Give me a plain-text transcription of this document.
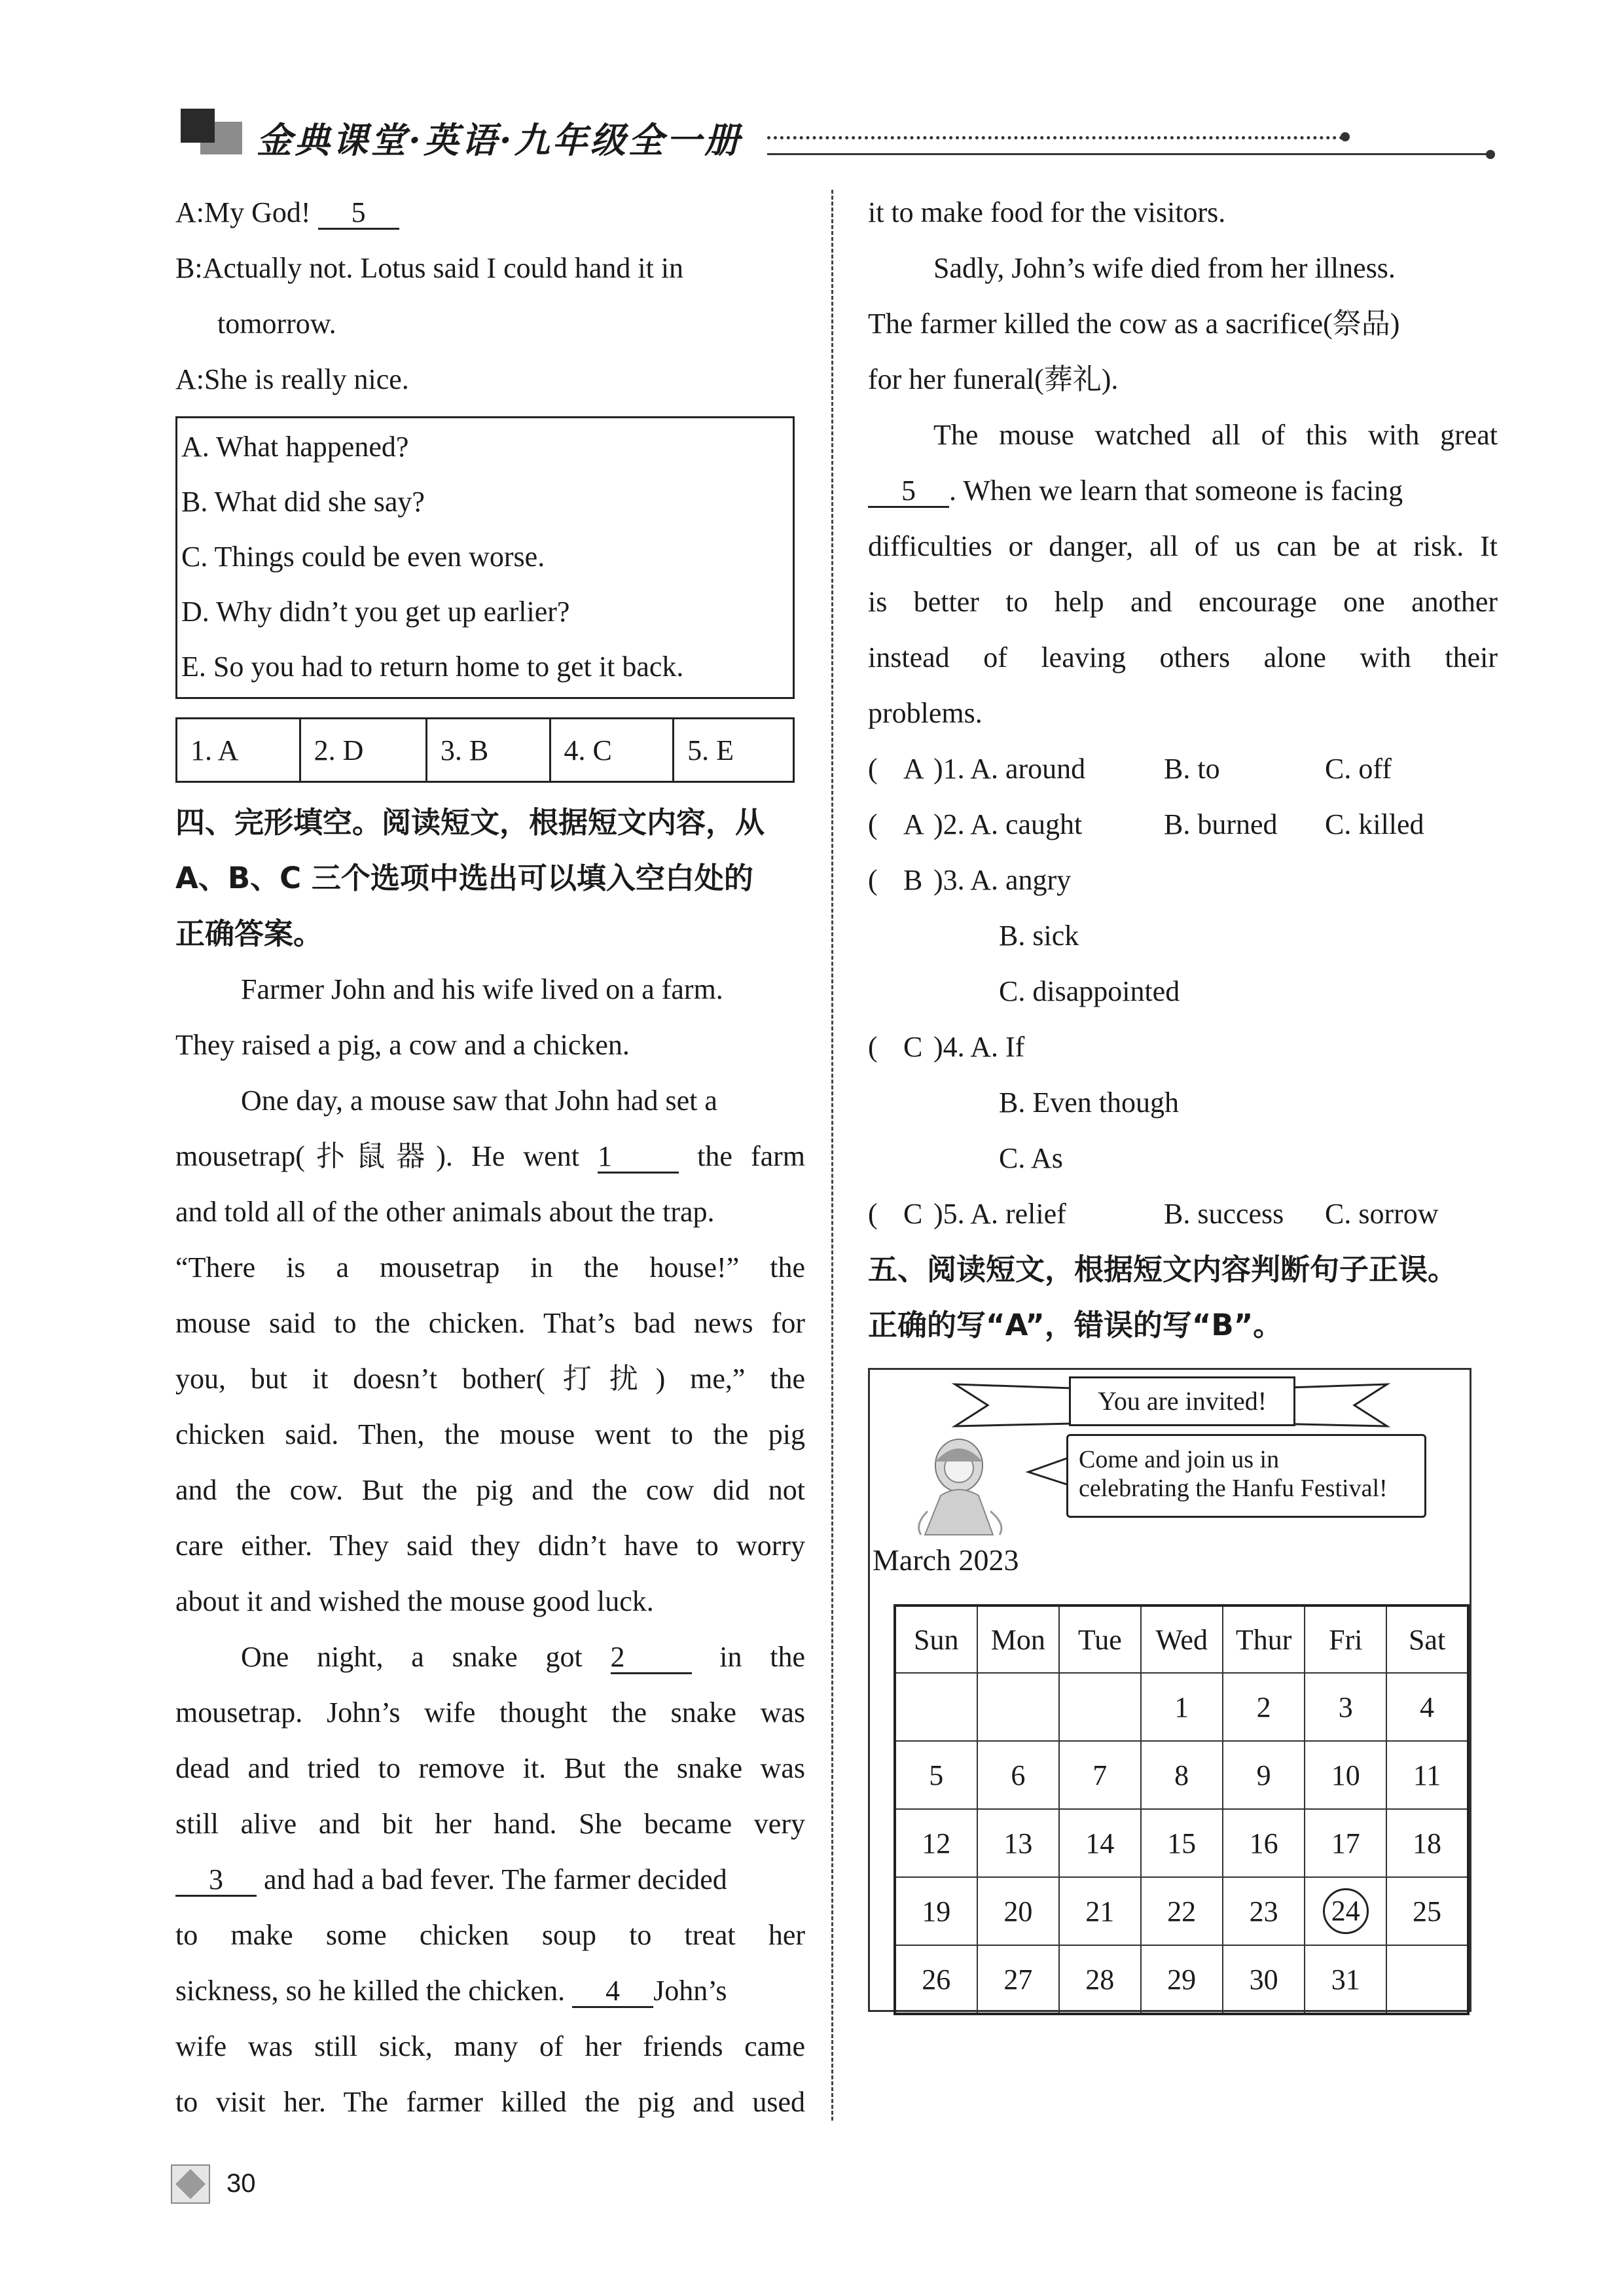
金典课堂·英语·九年级全一册
A:My God! 5
B:Actually not. Lotus said I could hand it in
tomorrow.
A:She is really nice.
A. What happened?
B. What did she say?
C. Things could be even worse.
D. Why didn’t you get up earlier?
E. So you had to return home to get it back.
1. A	2. D	3. B	4. C	5. E
四、完形填空。阅读短文，根据短文内容，从
A、B、C 三个选项中选出可以填入空白处的
正确答案。
Farmer John and his wife lived on a farm.
They raised a pig, a cow and a chicken.
One day, a mouse saw that John had set a
mousetrap(扑鼠器). He went 1	the farm
and told all of the other animals about the trap.
“There is a mousetrap in the house!” the
mouse said to the chicken. That’s bad news for
you, but it doesn’t bother(打扰) me,” the
chicken said. Then, the mouse went to the pig
and the cow. But the pig and the cow did not
care either. They said they didn’t have to worry
about it and wished the mouse good luck.
One night, a snake got 2	in the
mousetrap. John’s wife thought the snake was
dead and tried to remove it. But the snake was
still alive and bit her hand. She became very
3 and had a bad fever. The farmer decided
to make some chicken soup to treat her
sickness, so he killed the chicken. 4 John’s
wife was still sick, many of her friends came
to visit her. The farmer killed the pig and used
it to make food for the visitors.
Sadly, John’s wife died from her illness.
The farmer killed the cow as a sacrifice(祭品)
for her funeral(葬礼).
The mouse watched all of this with great
5 . When we learn that someone is facing
difficulties or danger, all of us can be at risk. It
is better to help and encourage one another
instead of leaving others alone with their
problems.
( A )1. A. around	B. to	C. off
( A )2. A. caught	B. burned C. killed
( B )3. A. angry
B. sick
C. disappointed
( C )4. A. If
B. Even though
C. As
( C )5. A. relief	B. success C. sorrow
五、阅读短文，根据短文内容判断句子正误。
正确的写“A”，错误的写“B”。
You are invited!
Come and join us in
celebrating the Hanfu Festival!
March 2023
Sun	Mon	Tue	Wed	Thur	Fri	Sat
			1	2	3	4
5	6	7	8	9	10	11
12	13	14	15	16	17	18
19	20	21	22	23	24	25
26	27	28	29	30	31	
30
